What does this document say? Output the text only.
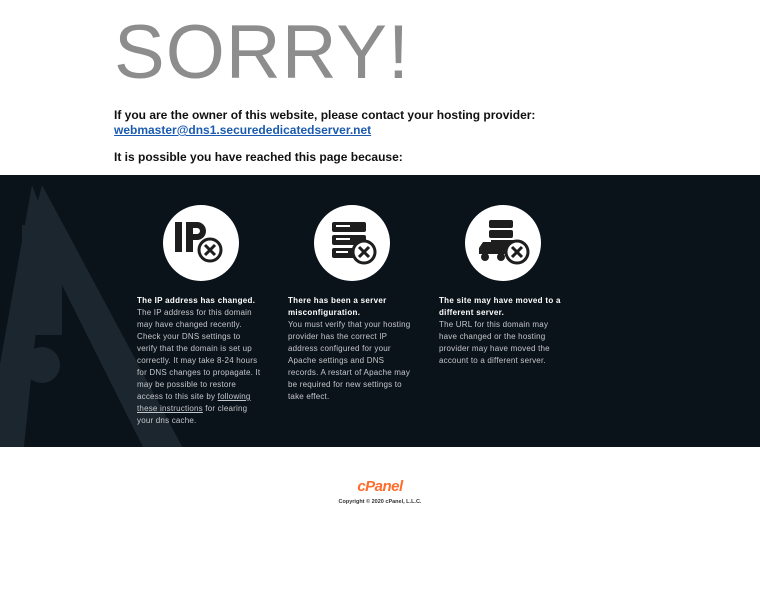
SORRY!
If you are the owner of this website, please contact your hosting provider:
webmaster@dns1.securededicatedserver.net
It is possible you have reached this page because:
The IP address has changed.
The IP address for this domain may have changed recently. Check your DNS settings to verify that the domain is set up correctly. It may take 8-24 hours for DNS changes to propagate. It may be possible to restore access to this site by following these instructions for clearing your dns cache.
There has been a server misconfiguration.
You must verify that your hosting provider has the correct IP address configured for your Apache settings and DNS records. A restart of Apache may be required for new settings to take effect.
The site may have moved to a different server.
The URL for this domain may have changed or the hosting provider may have moved the account to a different server.
cPanel
Copyright © 2020 cPanel, L.L.C.
